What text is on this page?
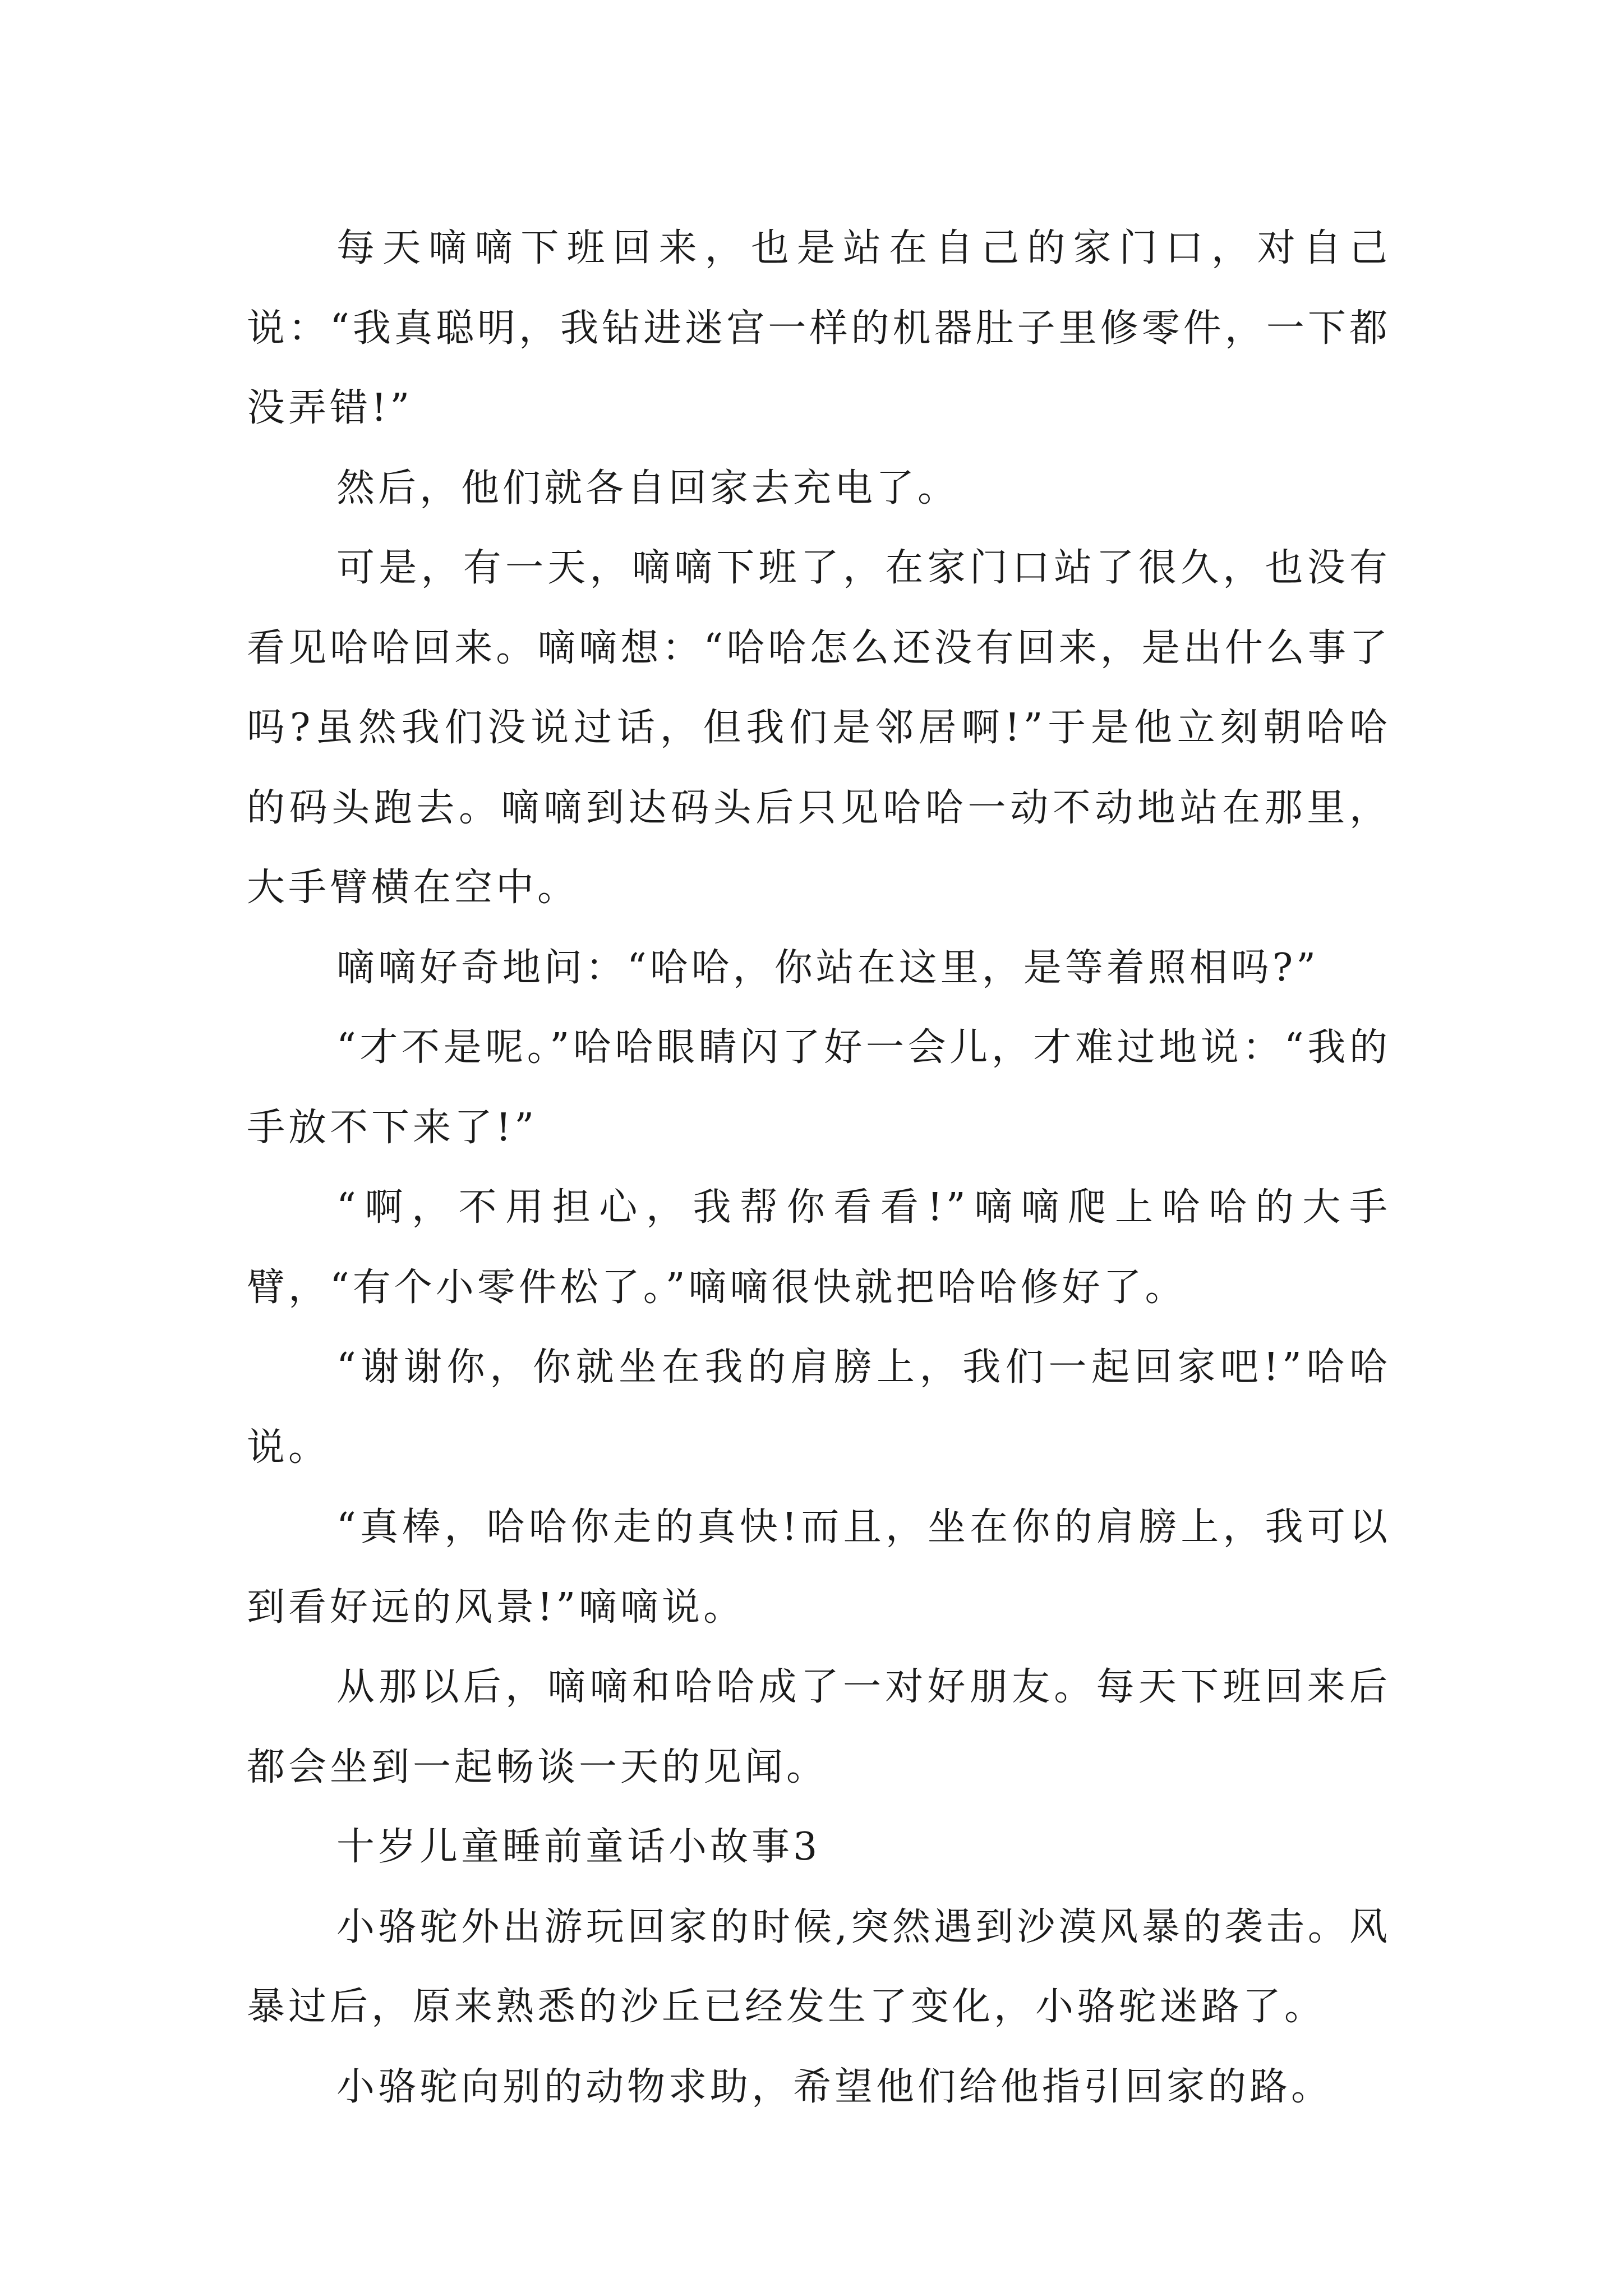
每天嘀嘀下班回来，也是站在自己的家门口，对自己说：“我真聪明，我钻进迷宫一样的机器肚子里修零件，一下都没弄错!”

然后，他们就各自回家去充电了。

可是，有一天，嘀嘀下班了，在家门口站了很久，也没有看见哈哈回来。嘀嘀想：“哈哈怎么还没有回来，是出什么事了吗?虽然我们没说过话，但我们是邻居啊!”于是他立刻朝哈哈的码头跑去。嘀嘀到达码头后只见哈哈一动不动地站在那里，大手臂横在空中。

嘀嘀好奇地问：“哈哈，你站在这里，是等着照相吗?”

“才不是呢。”哈哈眼睛闪了好一会儿，才难过地说：“我的手放不下来了!”

“啊，不用担心，我帮你看看!”嘀嘀爬上哈哈的大手臂，“有个小零件松了。”嘀嘀很快就把哈哈修好了。

“谢谢你，你就坐在我的肩膀上，我们一起回家吧!”哈哈说。

“真棒，哈哈你走的真快!而且，坐在你的肩膀上，我可以到看好远的风景!”嘀嘀说。

从那以后，嘀嘀和哈哈成了一对好朋友。每天下班回来后都会坐到一起畅谈一天的见闻。

十岁儿童睡前童话小故事3

小骆驼外出游玩回家的时候,突然遇到沙漠风暴的袭击。风暴过后，原来熟悉的沙丘已经发生了变化，小骆驼迷路了。

小骆驼向别的动物求助，希望他们给他指引回家的路。
